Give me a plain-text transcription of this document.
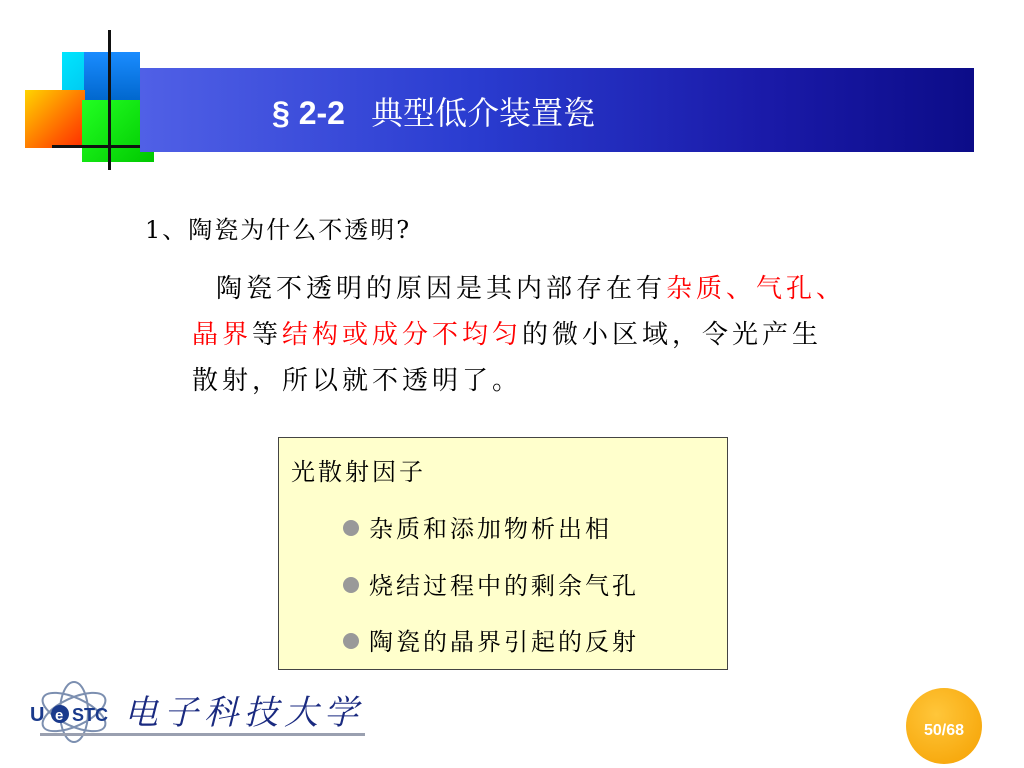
§ 2-2 典型低介装置瓷
1、陶瓷为什么不透明?
陶瓷不透明的原因是其内部存在有杂质、气孔、
晶界等结构或成分不均匀的微小区域，令光产生
散射，所以就不透明了。
光散射因子
杂质和添加物析出相
烧结过程中的剩余气孔
陶瓷的晶界引起的反射
U e STC 电子科技大学	50/68
